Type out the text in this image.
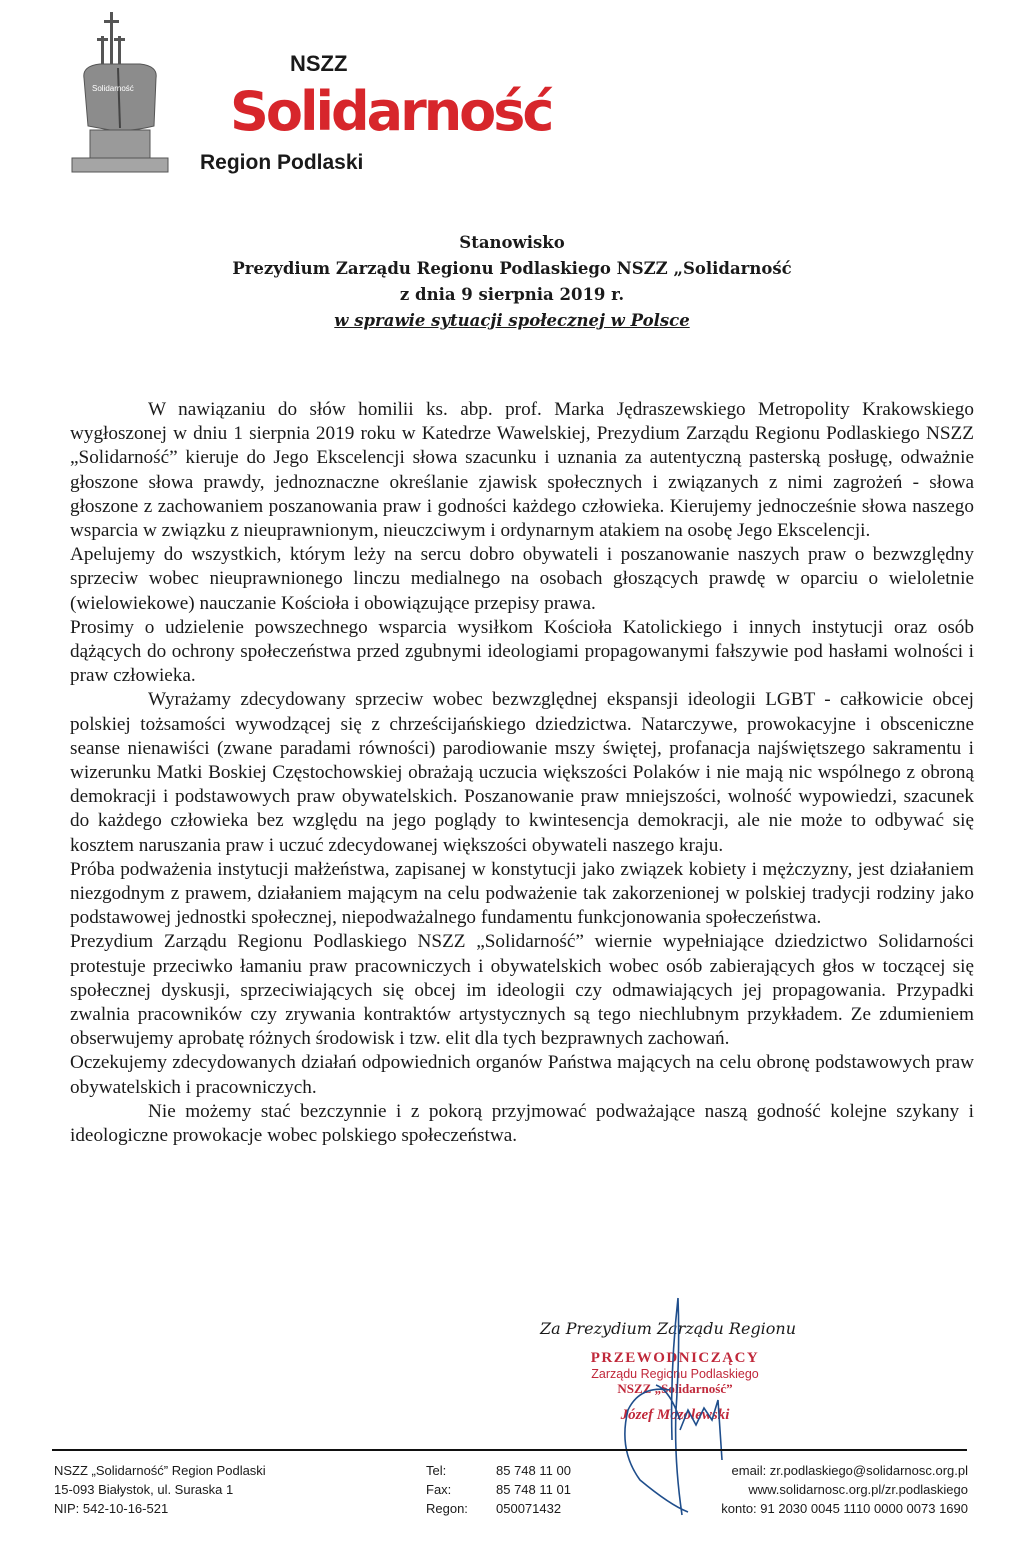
Solidarność
NSZZ
Solidarność
Region Podlaski
Stanowisko
Prezydium Zarządu Regionu Podlaskiego NSZZ „Solidarność
z dnia 9 sierpnia 2019 r.
w sprawie sytuacji społecznej w Polsce

W nawiązaniu do słów homilii ks. abp. prof. Marka Jędraszewskiego Metropolity Krakowskiego wygłoszonej w dniu 1 sierpnia 2019 roku w Katedrze Wawelskiej, Prezydium Zarządu Regionu Podlaskiego NSZZ „Solidarność” kieruje do Jego Ekscelencji słowa szacunku i uznania za autentyczną pasterską posługę, odważnie głoszone słowa prawdy, jednoznaczne określanie zjawisk społecznych i związanych z nimi zagrożeń - słowa głoszone z zachowaniem poszanowania praw i godności każdego człowieka. Kierujemy jednocześnie słowa naszego wsparcia w związku z nieuprawnionym, nieuczciwym i ordynarnym atakiem na osobę Jego Ekscelencji.

Apelujemy do wszystkich, którym leży na sercu dobro obywateli i poszanowanie naszych praw o bezwzględny sprzeciw wobec nieuprawnionego linczu medialnego na osobach głoszących prawdę w oparciu o wieloletnie (wielowiekowe) nauczanie Kościoła i obowiązujące przepisy prawa.

Prosimy o udzielenie powszechnego wsparcia wysiłkom Kościoła Katolickiego i innych instytucji oraz osób dążących do ochrony społeczeństwa przed zgubnymi ideologiami propagowanymi fałszywie pod hasłami wolności i praw człowieka.

Wyrażamy zdecydowany sprzeciw wobec bezwzględnej ekspansji ideologii LGBT - całkowicie obcej polskiej tożsamości wywodzącej się z chrześcijańskiego dziedzictwa. Natarczywe, prowokacyjne i obsceniczne seanse nienawiści (zwane paradami równości) parodiowanie mszy świętej, profanacja najświętszego sakramentu i wizerunku Matki Boskiej Częstochowskiej obrażają uczucia większości Polaków i nie mają nic wspólnego z obroną demokracji i podstawowych praw obywatelskich. Poszanowanie praw mniejszości, wolność wypowiedzi, szacunek do każdego człowieka bez względu na jego poglądy to kwintesencja demokracji, ale nie może to odbywać się kosztem naruszania praw i uczuć zdecydowanej większości obywateli naszego kraju.

Próba podważenia instytucji małżeństwa, zapisanej w konstytucji jako związek kobiety i mężczyzny, jest działaniem niezgodnym z prawem, działaniem mającym na celu podważenie tak zakorzenionej w polskiej tradycji rodziny jako podstawowej jednostki społecznej, niepodważalnego fundamentu funkcjonowania społeczeństwa.

Prezydium Zarządu Regionu Podlaskiego NSZZ „Solidarność” wiernie wypełniające dziedzictwo Solidarności protestuje przeciwko łamaniu praw pracowniczych i obywatelskich wobec osób zabierających głos w toczącej się społecznej dyskusji, sprzeciwiających się obcej im ideologii czy odmawiających jej propagowania. Przypadki zwalnia pracowników czy zrywania kontraktów artystycznych są tego niechlubnym przykładem. Ze zdumieniem obserwujemy aprobatę różnych środowisk i tzw. elit dla tych bezprawnych zachowań.

Oczekujemy zdecydowanych działań odpowiednich organów Państwa mających na celu obronę podstawowych praw obywatelskich i pracowniczych.

Nie możemy stać bezczynnie i z pokorą przyjmować podważające naszą godność kolejne szykany i ideologiczne prowokacje wobec polskiego społeczeństwa.

Za Prezydium Zarządu Regionu
PRZEWODNICZĄCY
Zarządu Regionu Podlaskiego
NSZZ „Solidarność”
Józef Mozolewski
NSZZ „Solidarność” Region Podlaski
15-093 Białystok, ul. Suraska 1
NIP: 542-10-16-521
Tel:	85 748 11 00
Fax:	85 748 11 01
Regon:	050071432
email: zr.podlaskiego@solidarnosc.org.pl
www.solidarnosc.org.pl/zr.podlaskiego
konto: 91 2030 0045 1110 0000 0073 1690
